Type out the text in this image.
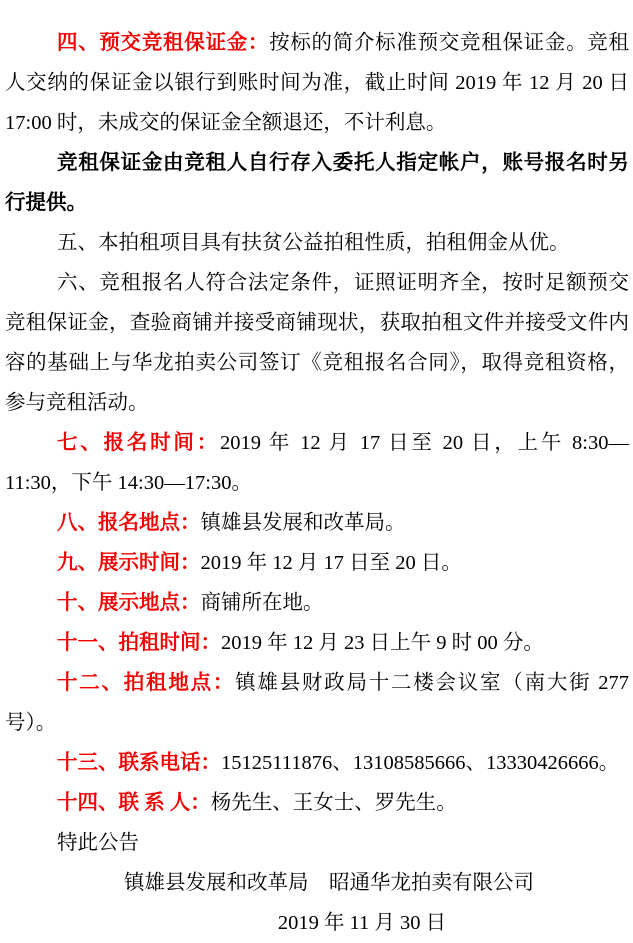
四、预交竞租保证金：按标的简介标准预交竞租保证金。竞租人交纳的保证金以银行到账时间为准，截止时间 2019 年 12 月 20 日 17:00 时，未成交的保证金全额退还，不计利息。

竞租保证金由竞租人自行存入委托人指定帐户，账号报名时另行提供。

五、本拍租项目具有扶贫公益拍租性质，拍租佣金从优。

六、竞租报名人符合法定条件，证照证明齐全，按时足额预交竞租保证金，查验商铺并接受商铺现状，获取拍租文件并接受文件内容的基础上与华龙拍卖公司签订《竞租报名合同》，取得竞租资格，参与竞租活动。

七、报名时间：2019 年 12 月 17 日至 20 日，上午 8:30—11:30，下午 14:30—17:30。

八、报名地点：镇雄县发展和改革局。

九、展示时间：2019 年 12 月 17 日至 20 日。

十、展示地点：商铺所在地。

十一、拍租时间：2019 年 12 月 23 日上午 9 时 00 分。

十二、拍租地点：镇雄县财政局十二楼会议室（南大街 277 号）。

十三、联系电话：15125111876、13108585666、13330426666。

十四、联 系 人：杨先生、王女士、罗先生。

特此公告

镇雄县发展和改革局　昭通华龙拍卖有限公司

2019 年 11 月 30 日
